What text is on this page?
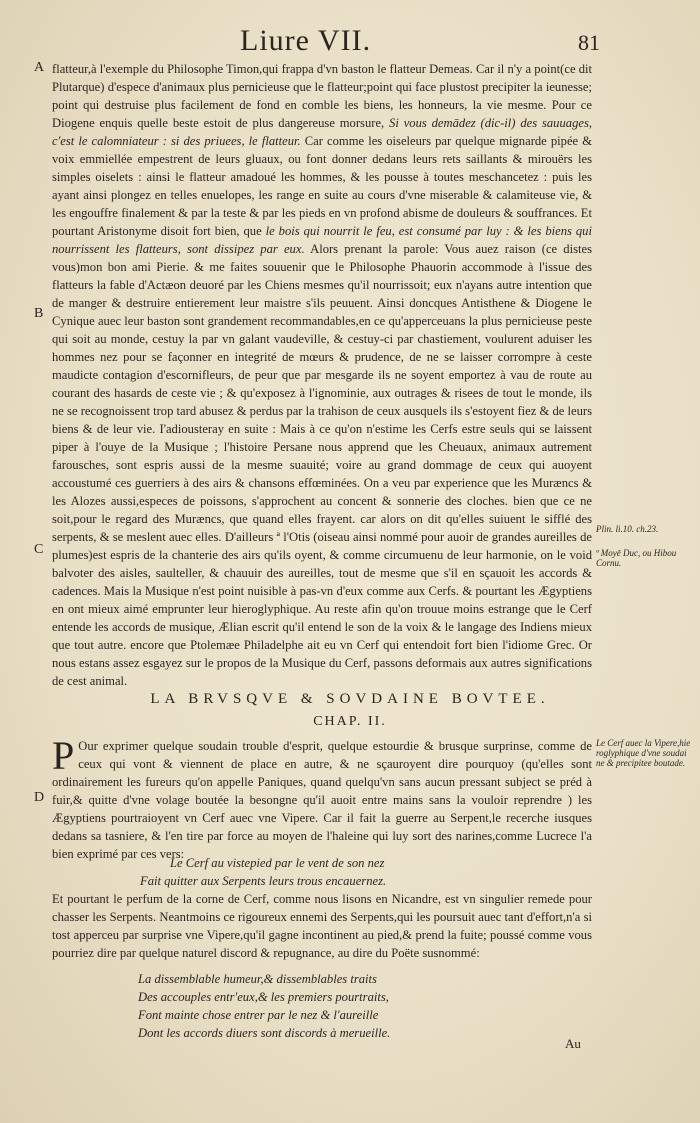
Liure VII.	81
A
B
C
D

flatteur,à l'exemple du Philosophe Timon,qui frappa d'vn baston le flatteur Demeas. Car il n'y a point(ce dit Plutarque) d'espece d'animaux plus pernicieuse que le flatteur;point qui face plustost precipiter la ieunesse; point qui destruise plus facilement de fond en comble les biens, les honneurs, la vie mesme. Pour ce Diogene enquis quelle beste estoit de plus dangereuse morsure, Si vous demādez (dic-il) des sauuages, c'est le calomniateur : si des priuees, le flatteur. Car comme les oiseleurs par quelque mignarde pipée & voix emmiellée empestrent de leurs gluaux, ou font donner dedans leurs rets saillants & mirouërs les simples oiselets : ainsi le flatteur amadoué les hommes, & les pousse à toutes meschancetez : puis les ayant ainsi plongez en telles enuelopes, les range en suite au cours d'vne miserable & calamiteuse vie, & les engouffre finalement & par la teste & par les pieds en vn profond abisme de douleurs & souffrances. Et pourtant Aristonyme disoit fort bien, que le bois qui nourrit le feu, est consumé par luy : & les biens qui nourrissent les flatteurs, sont dissipez par eux. Alors prenant la parole: Vous auez raison (ce distes vous)mon bon ami Pierie. & me faites souuenir que le Philosophe Phauorin accommode à l'issue des flatteurs la fable d'Actæon deuoré par les Chiens mesmes qu'il nourrissoit; eux n'ayans autre intention que de manger & destruire entierement leur maistre s'ils peuuent. Ainsi doncques Antisthene & Diogene le Cynique auec leur baston sont grandement recommandables,en ce qu'apperceuans la plus pernicieuse peste qui soit au monde, cestuy la par vn galant vaudeville, & cestuy-ci par chastiement, voulurent aduiser les hommes nez pour se façonner en integrité de mœurs & prudence, de ne se laisser corrompre à ceste maudicte contagion d'escornifleurs, de peur que par mesgarde ils ne soyent emportez à vau de route au courant des hasards de ceste vie ; & qu'exposez à l'ignominie, aux outrages & risees de tout le monde, ils ne se recognoissent trop tard abusez & perdus par la trahison de ceux ausquels ils s'estoyent fiez & de leurs biens & de leur vie. I'adiousteray en suite : Mais à ce qu'on n'estime les Cerfs estre seuls qui se laissent piper à l'ouye de la Musique ; l'histoire Persane nous apprend que les Cheuaux, animaux autrement farousches, sont espris aussi de la mesme suauité; voire au grand dommage de ceux qui auoyent accoustumé ces guerriers à des airs & chansons effœminées. On a veu par experience que les Muræncs & les Alozes aussi,especes de poissons, s'approchent au concent & sonnerie des cloches. bien que ce ne soit,pour le regard des Muræncs, que quand elles frayent. car alors on dit qu'elles suiuent le sifflé des serpents, & se meslent auec elles. D'ailleurs ª l'Otis (oiseau ainsi nommé pour auoir de grandes aureilles de plumes)est espris de la chanterie des airs qu'ils oyent, & comme circumuenu de leur harmonie, on le void balvoter des aisles, saulteller, & chauuir des aureilles, tout de mesme que s'il en sçauoit les accords & cadences. Mais la Musique n'est point nuisible à pas-vn d'eux comme aux Cerfs. & pourtant les Ægyptiens en ont mieux aimé emprunter leur hieroglyphique. Au reste afin qu'on trouue moins estrange que le Cerf entende les accords de musique, Ælian escrit qu'il entend le son de la voix & le langage des Indiens mieux que tout autre. encore que Ptolemæe Philadelphe ait eu vn Cerf qui entendoit fort bien l'idiome Grec. Or nous estans assez esgayez sur le propos de la Musique du Cerf, passons deformais aux autres significations de cest animal.

Plin. li.10. ch.23.
ª Moyē Duc, ou Hibou Cornu.
LA BRVSQVE & SOVDAINE BOVTEE.
CHAP. II.
Le Cerf auec la Vipere,hie roglyphique d'vne soudai ne & precipitee boutade.
P Our exprimer quelque soudain trouble d'esprit, quelque estourdie & brusque surprinse, comme de ceux qui vont & viennent de place en autre, & ne sçauroyent dire pourquoy (qu'elles sont ordinairement les fureurs qu'on appelle Paniques, quand quelqu'vn sans aucun pressant subject se préd à fuir,& quitte d'vne volage boutée la besongne qu'il auoit entre mains sans la vouloir reprendre ) les Ægyptiens pourtraioyent vn Cerf auec vne Vipere. Car il fait la guerre au Serpent,le recerche iusques dedans sa tasniere, & l'en tire par force au moyen de l'haleine qui luy sort des narines,comme Lucrece l'a bien exprimé par ces vers:
Le Cerf au vistepied par le vent de son nez
Fait quitter aux Serpents leurs trous encauernez.
Et pourtant le perfum de la corne de Cerf, comme nous lisons en Nicandre, est vn singulier remede pour chasser les Serpents. Neantmoins ce rigoureux ennemi des Serpents,qui les poursuit auec tant d'effort,n'a si tost apperceu par surprise vne Vipere,qu'il gagne incontinent au pied,& prend la fuite; poussé comme vous pourriez dire par quelque naturel discord & repugnance, au dire du Poëte susnommé:
La dissemblable humeur,& dissemblables traits
Des accouples entr'eux,& les premiers pourtraits,
Font mainte chose entrer par le nez & l'aureille
Dont les accords diuers sont discords à merueille.
Au
